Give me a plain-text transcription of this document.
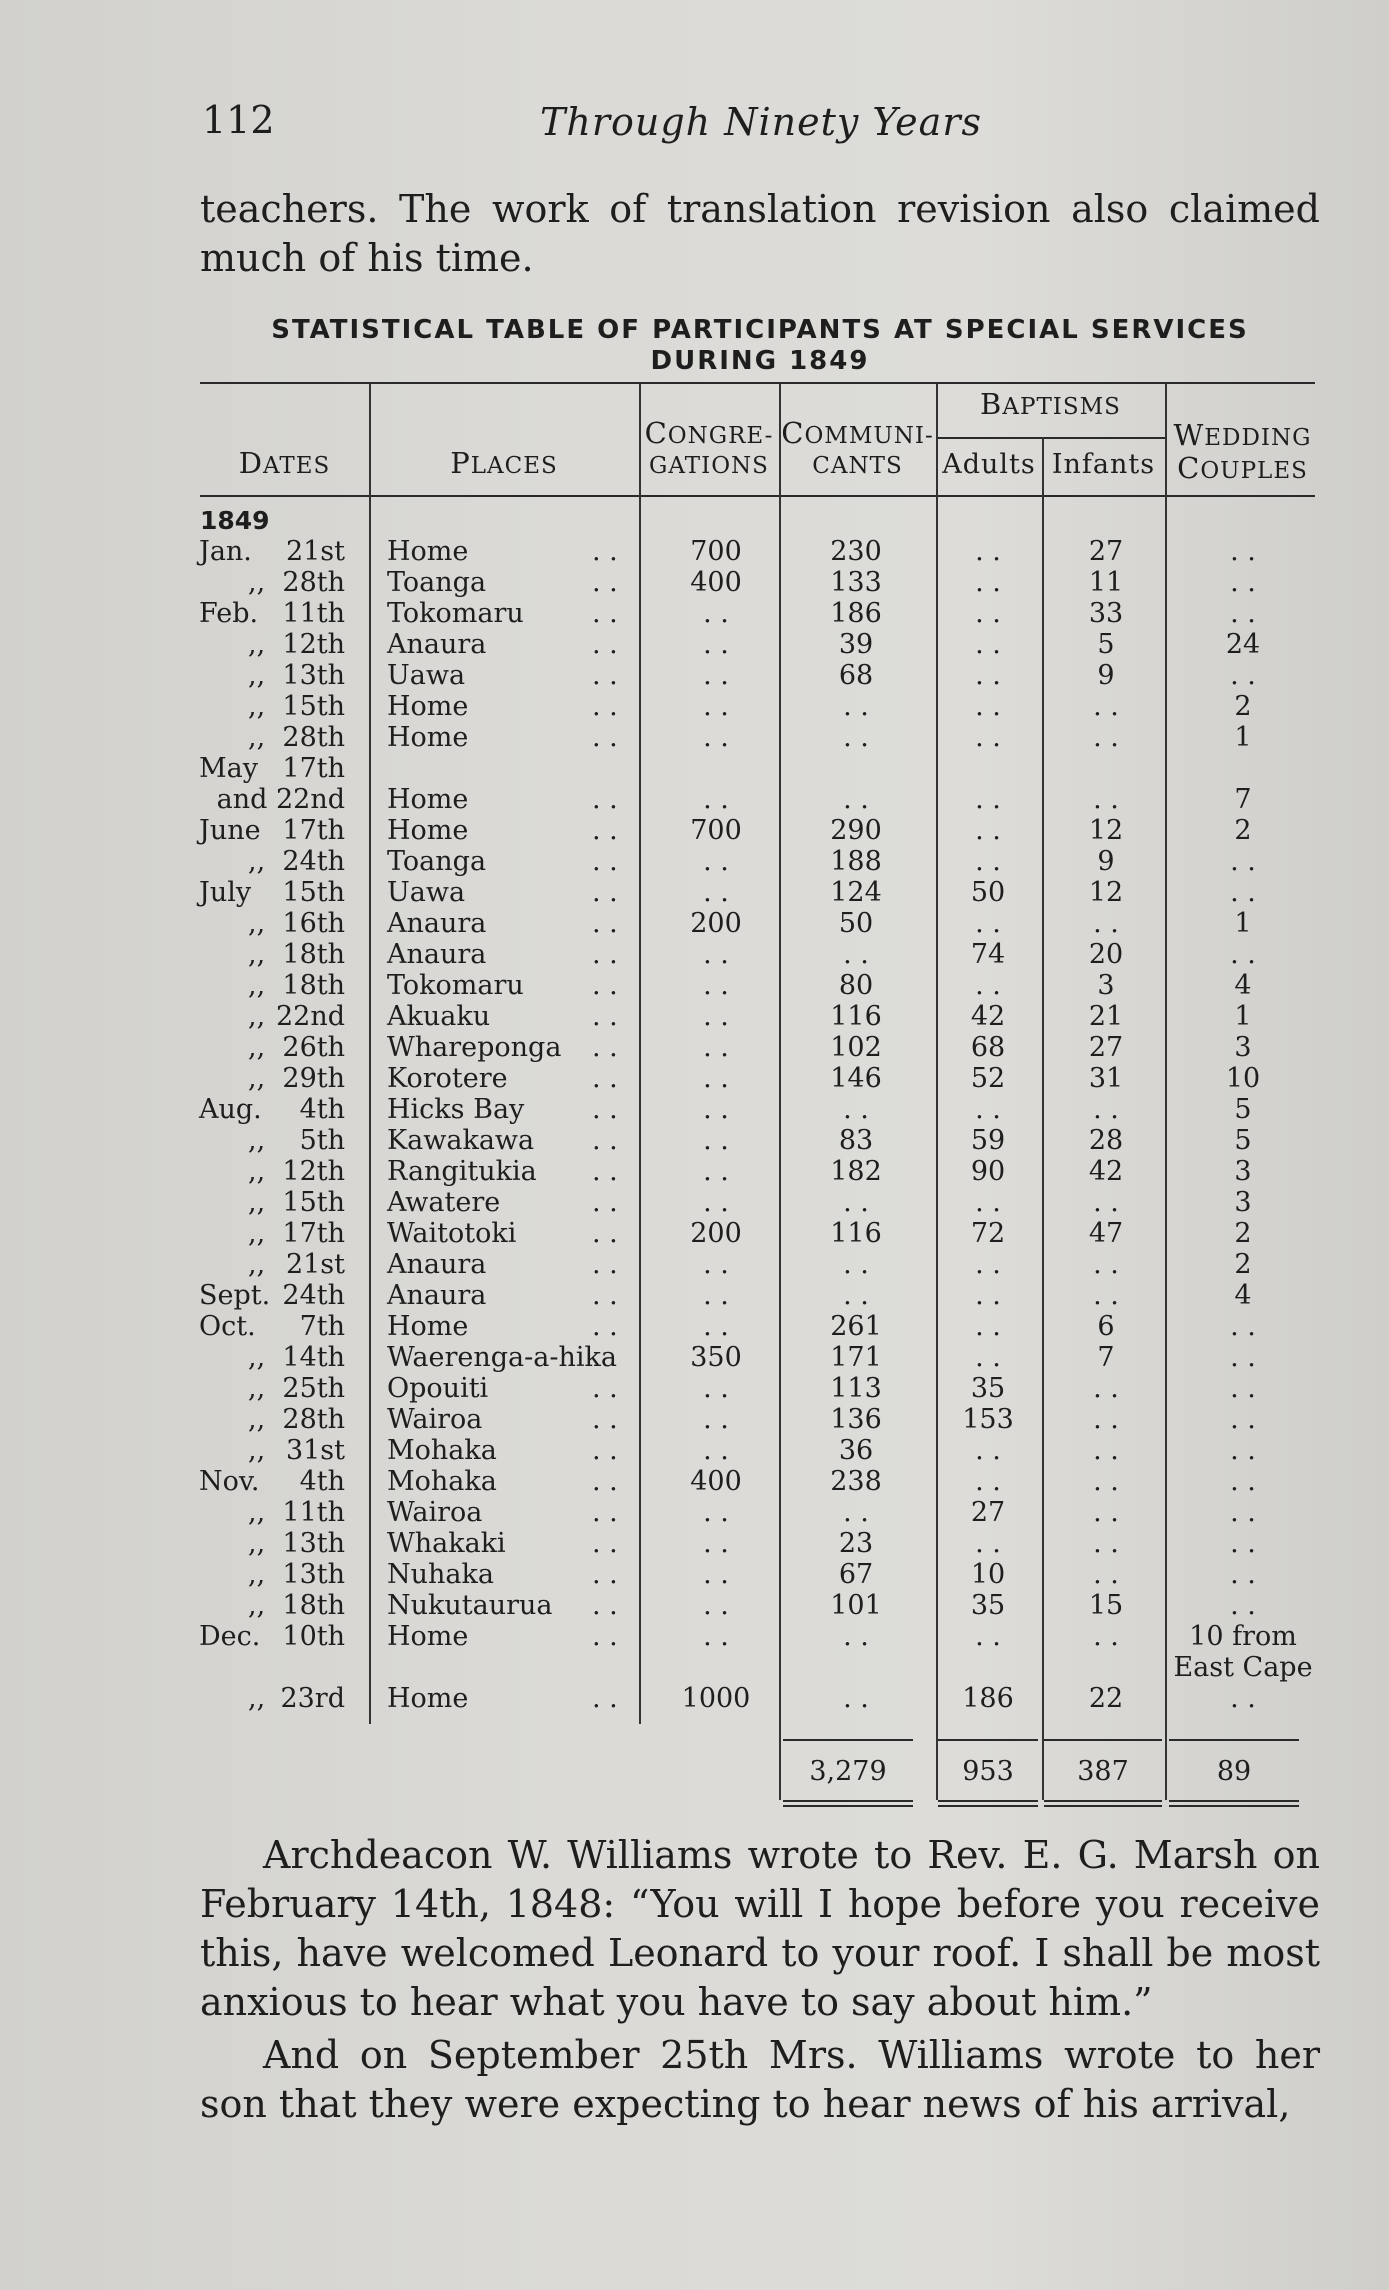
112	Through Ninety Years

teachers. The work of translation revision also claimed much of his time.

STATISTICAL TABLE OF PARTICIPANTS AT SPECIAL SERVICES
DURING 1849
DATES	PLACES
CONGRE-
GATIONS
COMMUNI-
CANTS
BAPTISMS
Adults Infants
WEDDING
COUPLES
1849
Jan.	21st Home	. .	700	230	. .	27	. .
,, 28th Toanga	. .	400	133	. .	11	. .
Feb. 11th Tokomaru	. .	. .	186	. .	33	. .
,, 12th Anaura	. .	. .	39	. .	5	24
,, 13th Uawa	. .	. .	68	. .	9	. .
,, 15th Home	. .	. .	. .	. .	. .	2
,, 28th Home	. .	. .	. .	. .	. .	1
May 17th
and 22nd Home	. .	. .	. .	. .	. .	7
June 17th Home	. .	700	290	. .	12	2
,, 24th Toanga	. .	. .	188	. .	9	. .
July	15th Uawa	. .	. .	124	50	12	. .
,, 16th Anaura	. .	200	50	. .	. .	1
,, 18th Anaura	. .	. .	. .	74	20	. .
,, 18th Tokomaru	. .	. .	80	. .	3	4
,, 22nd Akuaku	. .	. .	116	42	21	1
,, 26th Whareponga . .	. .	102	68	27	3
,, 29th Korotere	. .	. .	146	52	31	10
Aug.	4th Hicks Bay	. .	. .	. .	. .	. .	5
,,	5th Kawakawa . .	. .	83	59	28	5
,, 12th Rangitukia . .	. .	182	90	42	3
,, 15th Awatere	. .	. .	. .	. .	. .	3
,, 17th Waitotoki	. .	200	116	72	47	2
,, 21st Anaura	. .	. .	. .	. .	. .	2
Sept. 24th Anaura	. .	. .	. .	. .	. .	4
Oct.	7th Home	. .	. .	261	. .	6	. .
,, 14th Waerenga-a-hika	350	171	. .	7	. .
,, 25th Opouiti	. .	. .	113	35	. .	. .
,, 28th Wairoa	. .	. .	136	153	. .	. .
,, 31st Mohaka	. .	. .	36	. .	. .	. .
Nov.	4th Mohaka	. .	400	238	. .	. .	. .
,, 11th Wairoa	. .	. .	. .	27	. .	. .
,, 13th Whakaki	. .	. .	23	. .	. .	. .
,, 13th Nuhaka	. .	. .	67	10	. .	. .
,, 18th Nukutaurua . .	. .	101	35	15	. .
Dec. 10th Home	. .	. .	. .	. .	. .	10 from
East Cape
,, 23rd Home	. .	1000	. .	186	22	. .
3,279	953	387	89

Archdeacon W. Williams wrote to Rev. E. G. Marsh on February 14th, 1848: “You will I hope before you receive this, have welcomed Leonard to your roof. I shall be most anxious to hear what you have to say about him.”

And on September 25th Mrs. Williams wrote to her son that they were expecting to hear news of his arrival,
